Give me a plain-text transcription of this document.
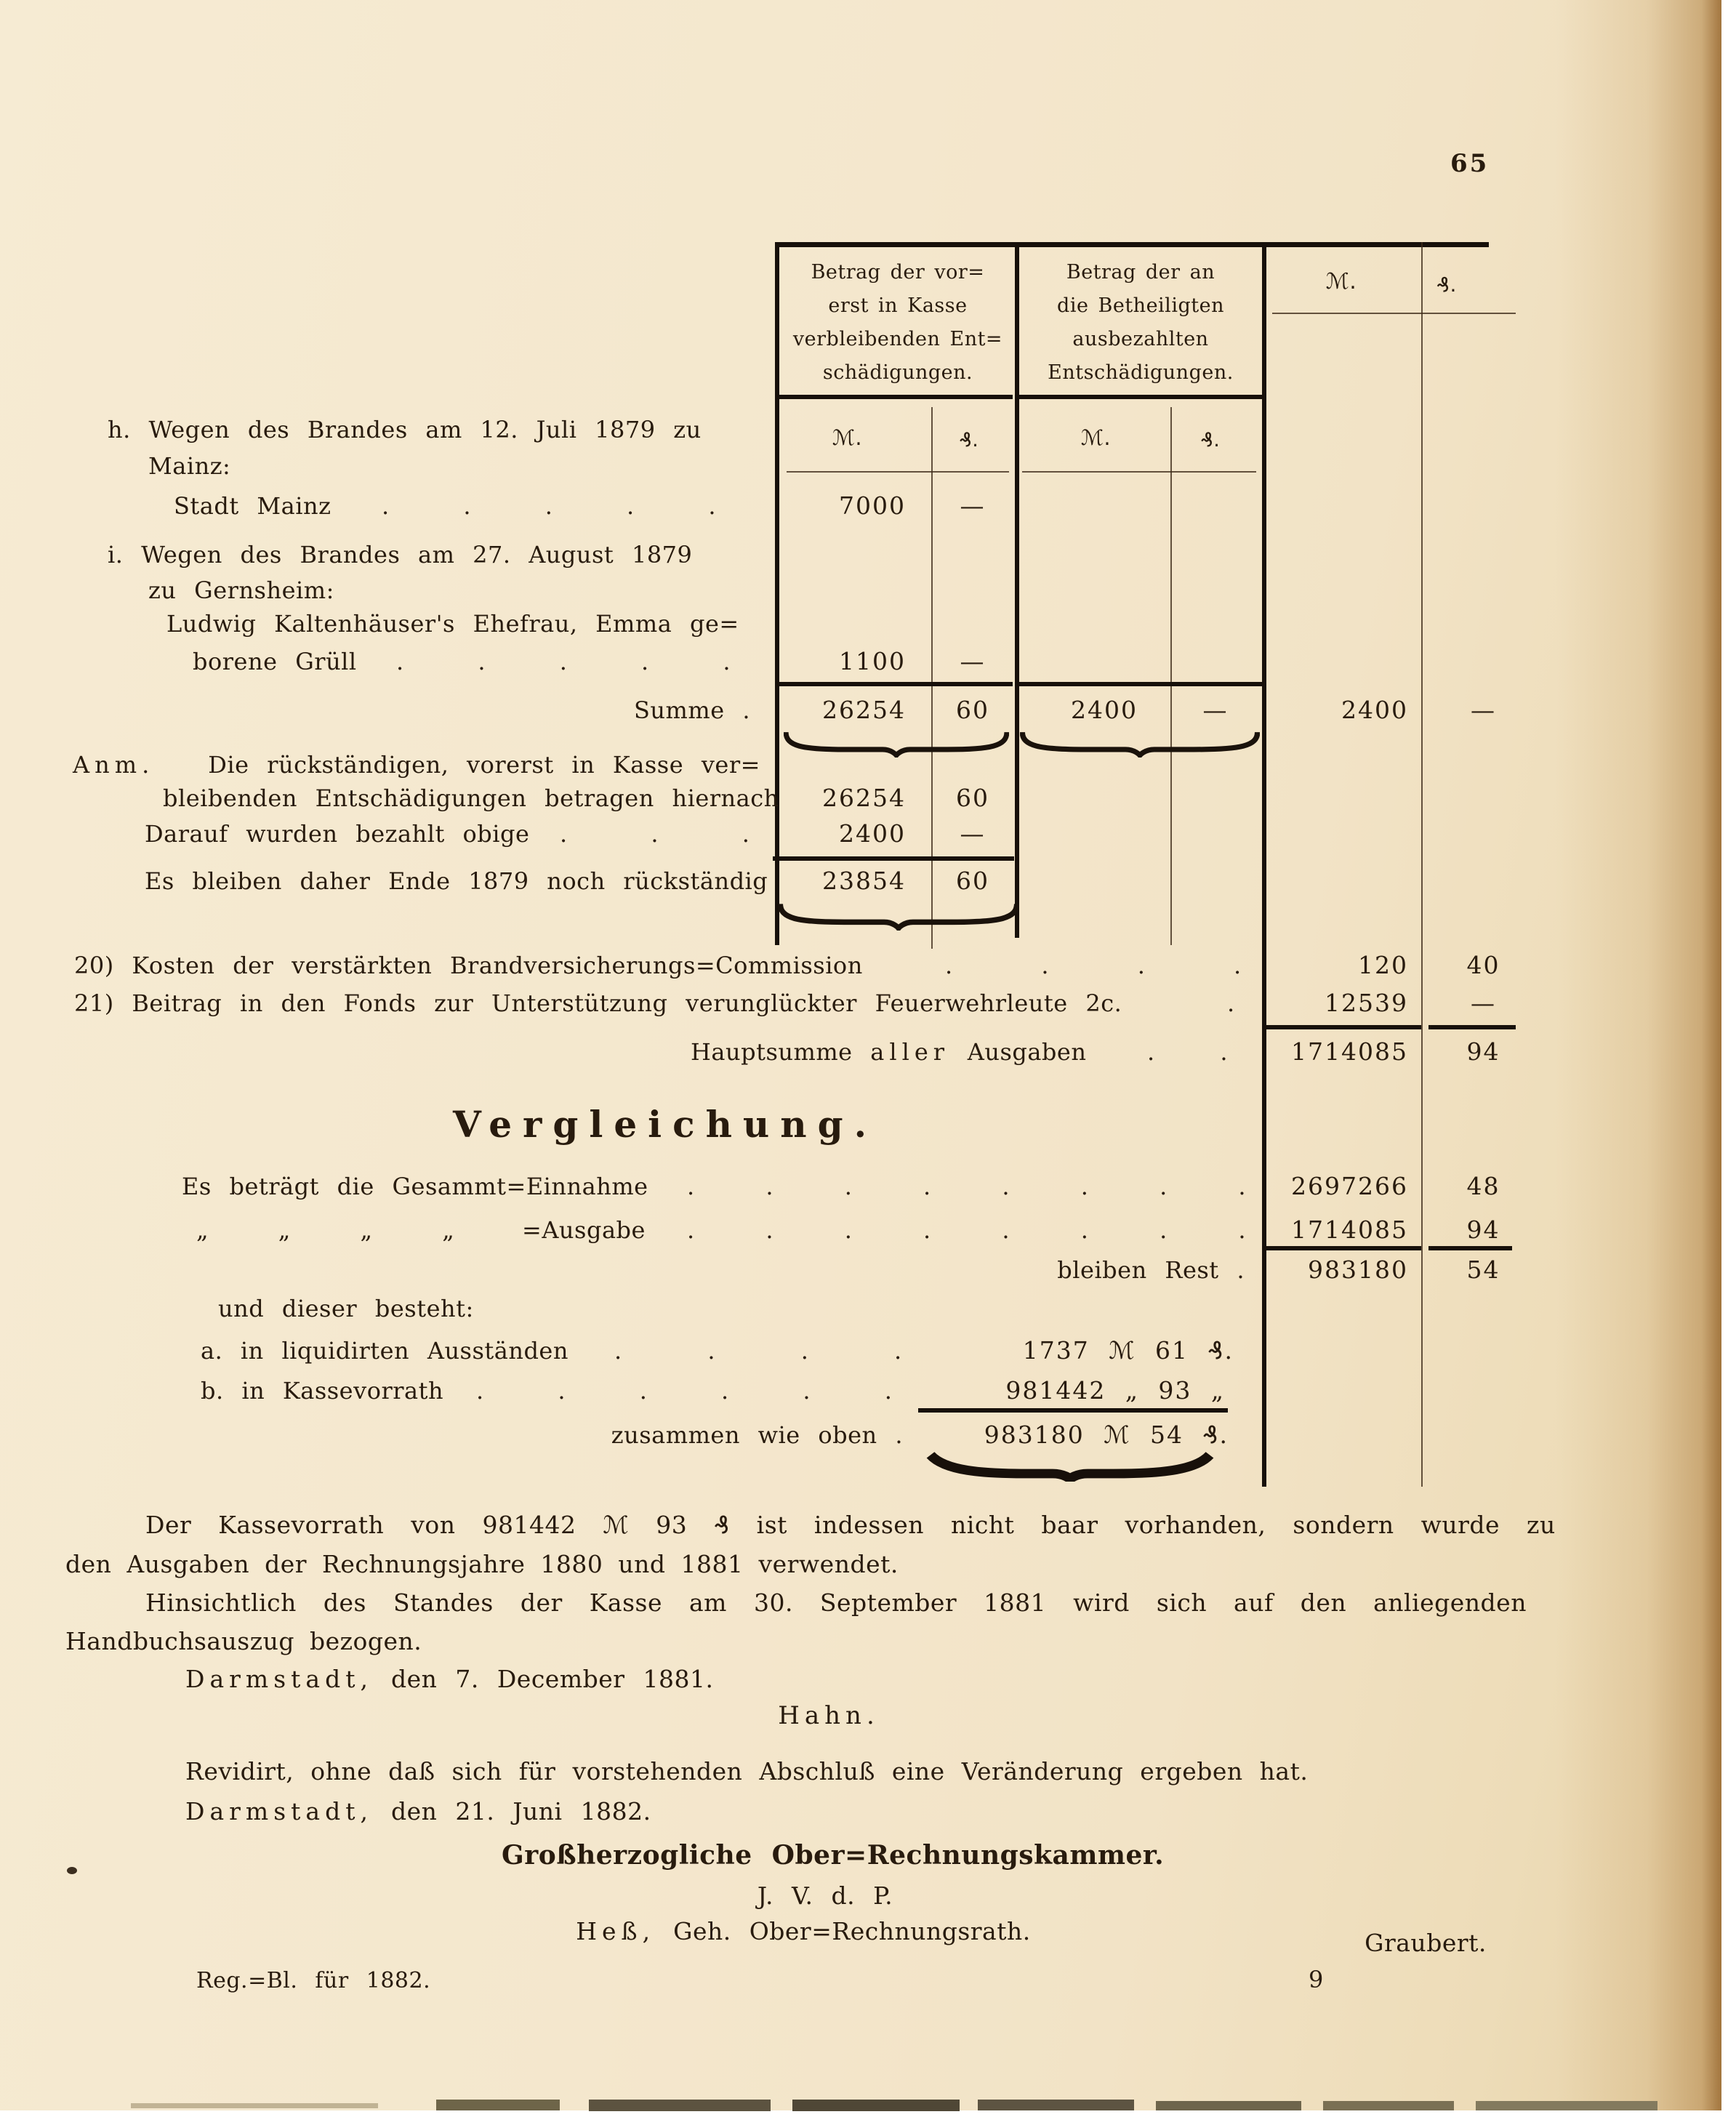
65
Betrag der vor=
erst in Kasse
verbleibenden Ent=
schädigungen.
Betrag der an
die Betheiligten
ausbezahlten
Entschädigungen.
ℳ.	₰.
ℳ.	₰.	ℳ.	₰.
h. Wegen des Brandes am 12. Juli 1879 zu
Mainz:
Stadt Mainz . . . . .	7000	—
i. Wegen des Brandes am 27. August 1879
zu Gernsheim:
Ludwig Kaltenhäuser's Ehefrau, Emma ge=
borene Grüll . . . . .	1100	—
Summe .	26254	60	2400	—	2400	—
Anm. Die rückständigen, vorerst in Kasse ver=
bleibenden Entschädigungen betragen hiernach	26254	60
Darauf wurden bezahlt obige . . .	2400	—
Es bleiben daher Ende 1879 noch rückständig	23854	60
20) Kosten der verstärkten Brandversicherungs=Commission	. . . .	120	40
21) Beitrag in den Fonds zur Unterstützung verunglückter Feuerwehrleute 2c.	.	12539	—
Hauptsumme aller Ausgaben	. .	1714085	94
Vergleichung.
Es beträgt die Gesammt=Einnahme . . . . . . . .	2697266	48
„ „ „ „	=Ausgabe . . . . . . . .	1714085	94
bleiben Rest .	983180	54
und dieser besteht:
a. in liquidirten Ausständen . . . .	1737 ℳ 61 ₰.
b. in Kassevorrath . . . . . .	981442 „ 93 „
zusammen wie oben .	983180 ℳ 54 ₰.
Der Kassevorrath von 981442 ℳ 93 ₰ ist indessen nicht baar vorhanden, sondern wurde zu
den Ausgaben der Rechnungsjahre 1880 und 1881 verwendet.
Hinsichtlich des Standes der Kasse am 30. September 1881 wird sich auf den anliegenden
Handbuchsauszug bezogen.
Darmstadt, den 7. December 1881.
Hahn.
Revidirt, ohne daß sich für vorstehenden Abschluß eine Veränderung ergeben hat.
Darmstadt, den 21. Juni 1882.
Großherzogliche Ober=Rechnungskammer.
J. V. d. P.
Heß, Geh. Ober=Rechnungsrath.	Graubert.
Reg.=Bl. für 1882.	9
